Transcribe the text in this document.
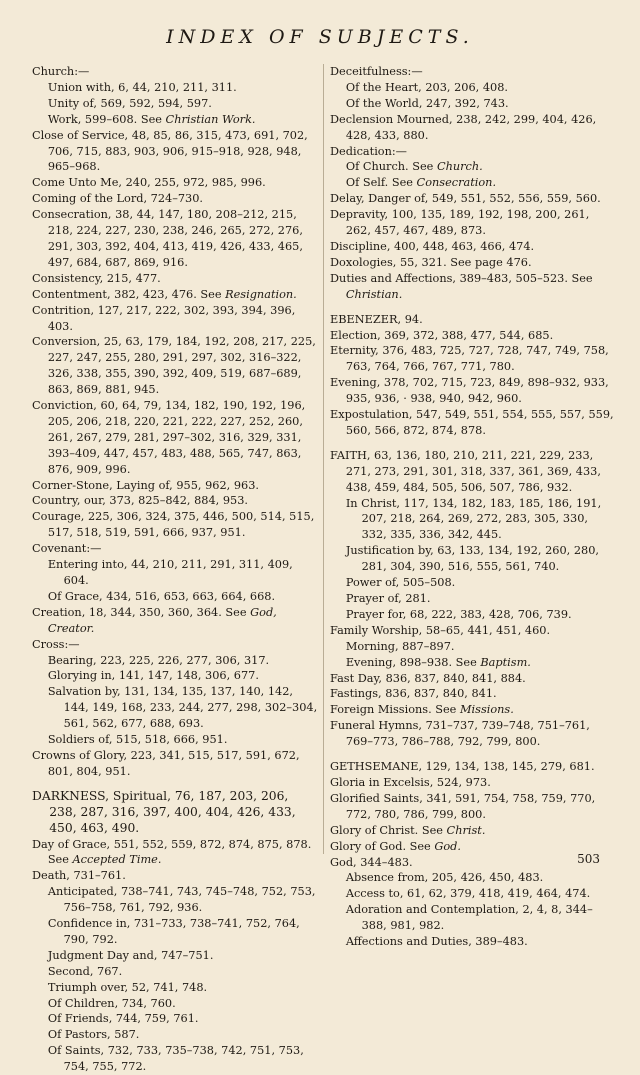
INDEX OF SUBJECTS.
Church:—
Union with, 6, 44, 210, 211, 311.
Unity of, 569, 592, 594, 597.
Work, 599–608. See Christian Work.
Close of Service, 48, 85, 86, 315, 473, 691, 702, 706, 715, 883, 903, 906, 915–918, 928, 948, 965–968.
Come Unto Me, 240, 255, 972, 985, 996.
Coming of the Lord, 724–730.
Consecration, 38, 44, 147, 180, 208–212, 215, 218, 224, 227, 230, 238, 246, 265, 272, 276, 291, 303, 392, 404, 413, 419, 426, 433, 465, 497, 684, 687, 869, 916.
Consistency, 215, 477.
Contentment, 382, 423, 476. See Resignation.
Contrition, 127, 217, 222, 302, 393, 394, 396, 403.
Conversion, 25, 63, 179, 184, 192, 208, 217, 225, 227, 247, 255, 280, 291, 297, 302, 316–322, 326, 338, 355, 390, 392, 409, 519, 687–689, 863, 869, 881, 945.
Conviction, 60, 64, 79, 134, 182, 190, 192, 196, 205, 206, 218, 220, 221, 222, 227, 252, 260, 261, 267, 279, 281, 297–302, 316, 329, 331, 393–409, 447, 457, 483, 488, 565, 747, 863, 876, 909, 996.
Corner-Stone, Laying of, 955, 962, 963.
Country, our, 373, 825–842, 884, 953.
Courage, 225, 306, 324, 375, 446, 500, 514, 515, 517, 518, 519, 591, 666, 937, 951.
Covenant:—
Entering into, 44, 210, 211, 291, 311, 409, 604.
Of Grace, 434, 516, 653, 663, 664, 668.
Creation, 18, 344, 350, 360, 364. See God, Creator.
Cross:—
Bearing, 223, 225, 226, 277, 306, 317.
Glorying in, 141, 147, 148, 306, 677.
Salvation by, 131, 134, 135, 137, 140, 142, 144, 149, 168, 233, 244, 277, 298, 302–304, 561, 562, 677, 688, 693.
Soldiers of, 515, 518, 666, 951.
Crowns of Glory, 223, 341, 515, 517, 591, 672, 801, 804, 951.
DARKNESS, Spiritual, 76, 187, 203, 206, 238, 287, 316, 397, 400, 404, 426, 433, 450, 463, 490.
Day of Grace, 551, 552, 559, 872, 874, 875, 878. See Accepted Time.
Death, 731–761.
Anticipated, 738–741, 743, 745–748, 752, 753, 756–758, 761, 792, 936.
Confidence in, 731–733, 738–741, 752, 764, 790, 792.
Judgment Day and, 747–751.
Second, 767.
Triumph over, 52, 741, 748.
Of Children, 734, 760.
Of Friends, 744, 759, 761.
Of Pastors, 587.
Of Saints, 732, 733, 735–738, 742, 751, 753, 754, 755, 772.
Deceitfulness:—
Of the Heart, 203, 206, 408.
Of the World, 247, 392, 743.
Declension Mourned, 238, 242, 299, 404, 426, 428, 433, 880.
Dedication:—
Of Church. See Church.
Of Self. See Consecration.
Delay, Danger of, 549, 551, 552, 556, 559, 560.
Depravity, 100, 135, 189, 192, 198, 200, 261, 262, 457, 467, 489, 873.
Discipline, 400, 448, 463, 466, 474.
Doxologies, 55, 321. See page 476.
Duties and Affections, 389–483, 505–523. See Christian.
EBENEZER, 94.
Election, 369, 372, 388, 477, 544, 685.
Eternity, 376, 483, 725, 727, 728, 747, 749, 758, 763, 764, 766, 767, 771, 780.
Evening, 378, 702, 715, 723, 849, 898–932, 933, 935, 936, · 938, 940, 942, 960.
Expostulation, 547, 549, 551, 554, 555, 557, 559, 560, 566, 872, 874, 878.
FAITH, 63, 136, 180, 210, 211, 221, 229, 233, 271, 273, 291, 301, 318, 337, 361, 369, 433, 438, 459, 484, 505, 506, 507, 786, 932.
In Christ, 117, 134, 182, 183, 185, 186, 191, 207, 218, 264, 269, 272, 283, 305, 330, 332, 335, 336, 342, 445.
Justification by, 63, 133, 134, 192, 260, 280, 281, 304, 390, 516, 555, 561, 740.
Power of, 505–508.
Prayer of, 281.
Prayer for, 68, 222, 383, 428, 706, 739.
Family Worship, 58–65, 441, 451, 460.
Morning, 887–897.
Evening, 898–938. See Baptism.
Fast Day, 836, 837, 840, 841, 884.
Fastings, 836, 837, 840, 841.
Foreign Missions. See Missions.
Funeral Hymns, 731–737, 739–748, 751–761, 769–773, 786–788, 792, 799, 800.
GETHSEMANE, 129, 134, 138, 145, 279, 681.
Gloria in Excelsis, 524, 973.
Glorified Saints, 341, 591, 754, 758, 759, 770, 772, 780, 786, 799, 800.
Glory of Christ. See Christ.
Glory of God. See God.
God, 344–483.
Absence from, 205, 426, 450, 483.
Access to, 61, 62, 379, 418, 419, 464, 474.
Adoration and Contemplation, 2, 4, 8, 344–388, 981, 982.
Affections and Duties, 389–483.
503
